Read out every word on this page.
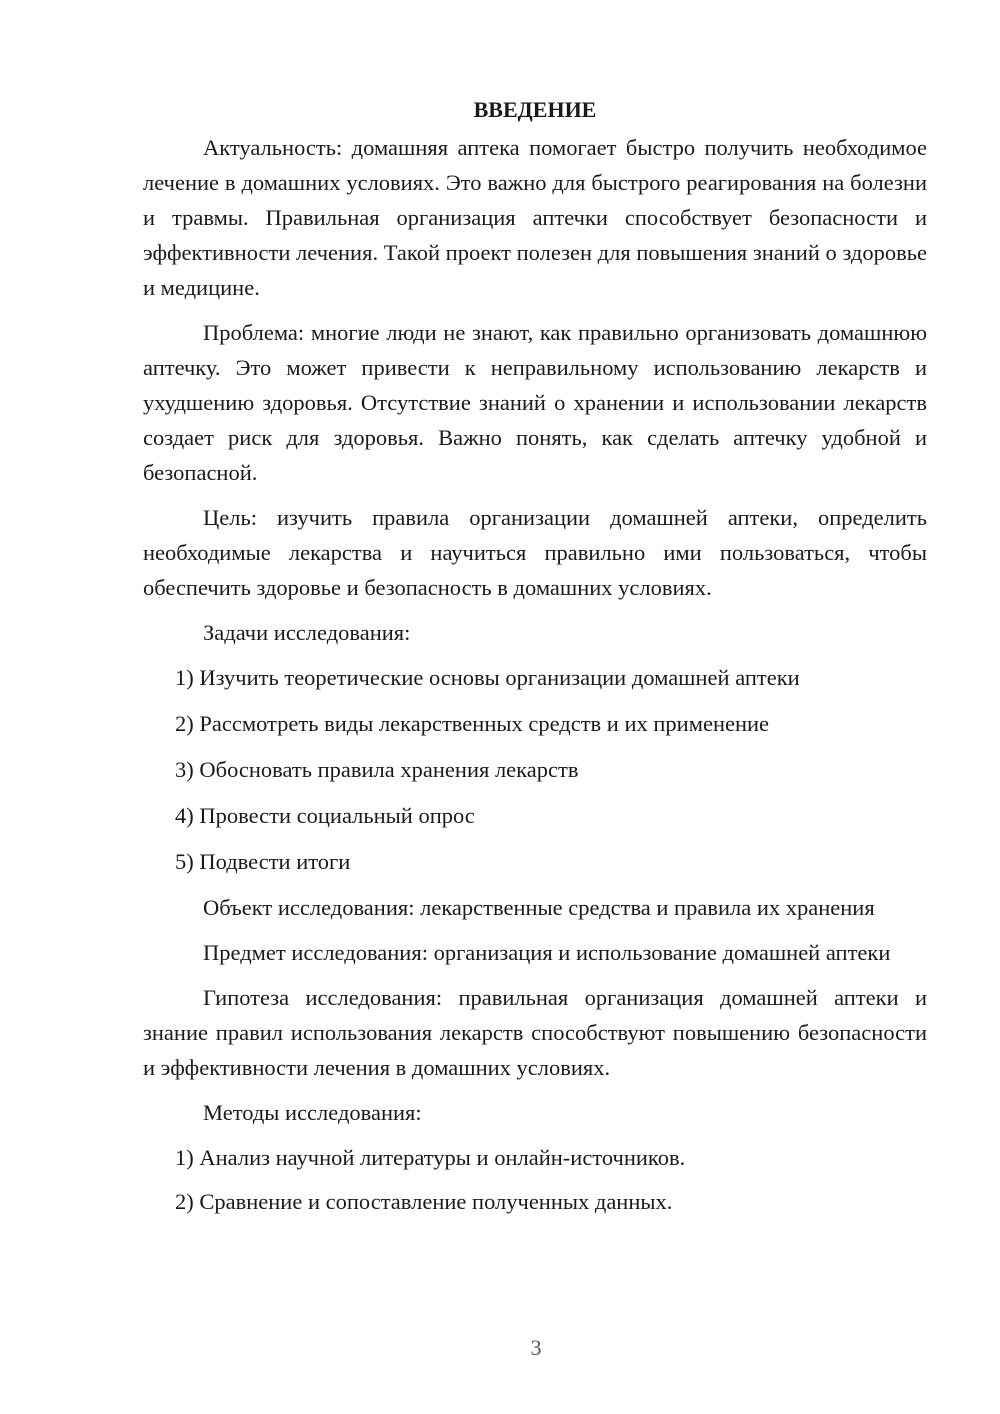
ВВЕДЕНИЕ

Актуальность: домашняя аптека помогает быстро получить необходимое лечение в домашних условиях. Это важно для быстрого реагирования на болезни и травмы. Правильная организация аптечки способствует безопасности и эффективности лечения. Такой проект полезен для повышения знаний о здоровье и медицине.

Проблема: многие люди не знают, как правильно организовать домашнюю аптечку. Это может привести к неправильному использованию лекарств и ухудшению здоровья. Отсутствие знаний о хранении и использовании лекарств создает риск для здоровья. Важно понять, как сделать аптечку удобной и безопасной.

Цель: изучить правила организации домашней аптеки, определить необходимые лекарства и научиться правильно ими пользоваться, чтобы обеспечить здоровье и безопасность в домашних условиях.

Задачи исследования:

1) Изучить теоретические основы организации домашней аптеки
2) Рассмотреть виды лекарственных средств и их применение
3) Обосновать правила хранения лекарств
4) Провести социальный опрос
5) Подвести итоги

Объект исследования: лекарственные средства и правила их хранения

Предмет исследования: организация и использование домашней аптеки

Гипотеза исследования: правильная организация домашней аптеки и знание правил использования лекарств способствуют повышению безопасности и эффективности лечения в домашних условиях.

Методы исследования:

1) Анализ научной литературы и онлайн-источников.
2) Сравнение и сопоставление полученных данных.
3
